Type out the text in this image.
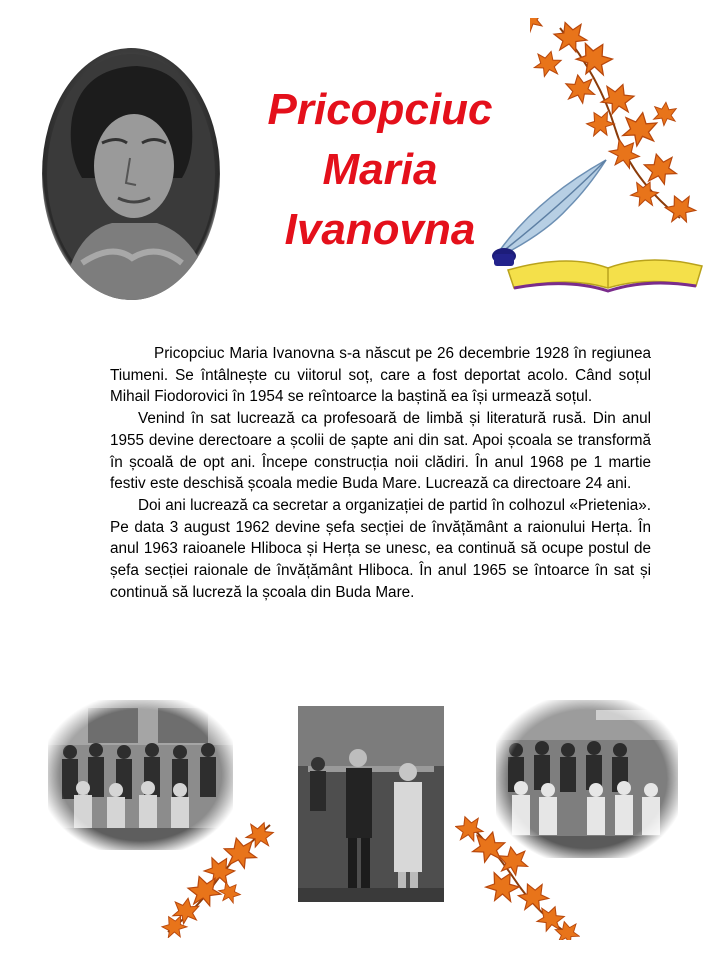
Pricopciuc
Maria
Ivanovna

Pricopciuc Maria Ivanovna s-a născut pe 26 decembrie 1928 în regiunea Tiumeni. Se întâlnește cu viitorul soț, care a fost deportat acolo. Când soțul Mihail Fiodorovici în 1954 se reîntoarce la baștină ea își urmează soțul.

Venind în sat lucrează ca profesoară de limbă și literatură rusă. Din anul 1955 devine derectoare a școlii de șapte ani din sat. Apoi școala se transformă în școală de opt ani. Începe construcția noii clădiri. În anul 1968 pe 1 martie festiv este deschisă școala medie Buda Mare. Lucrează ca directoare 24 ani.

Doi ani lucrează ca secretar a organizației de partid în colhozul «Prietenia». Pe data 3 august 1962 devine șefa secției de învățământ a raionului Herța. În anul 1963 raioanele Hliboca și Herța se unesc, ea continuă să ocupe postul de șefa secției raionale de învățământ Hliboca. În anul 1965 se întoarce în sat și continuă să lucreză la școala din Buda Mare.
